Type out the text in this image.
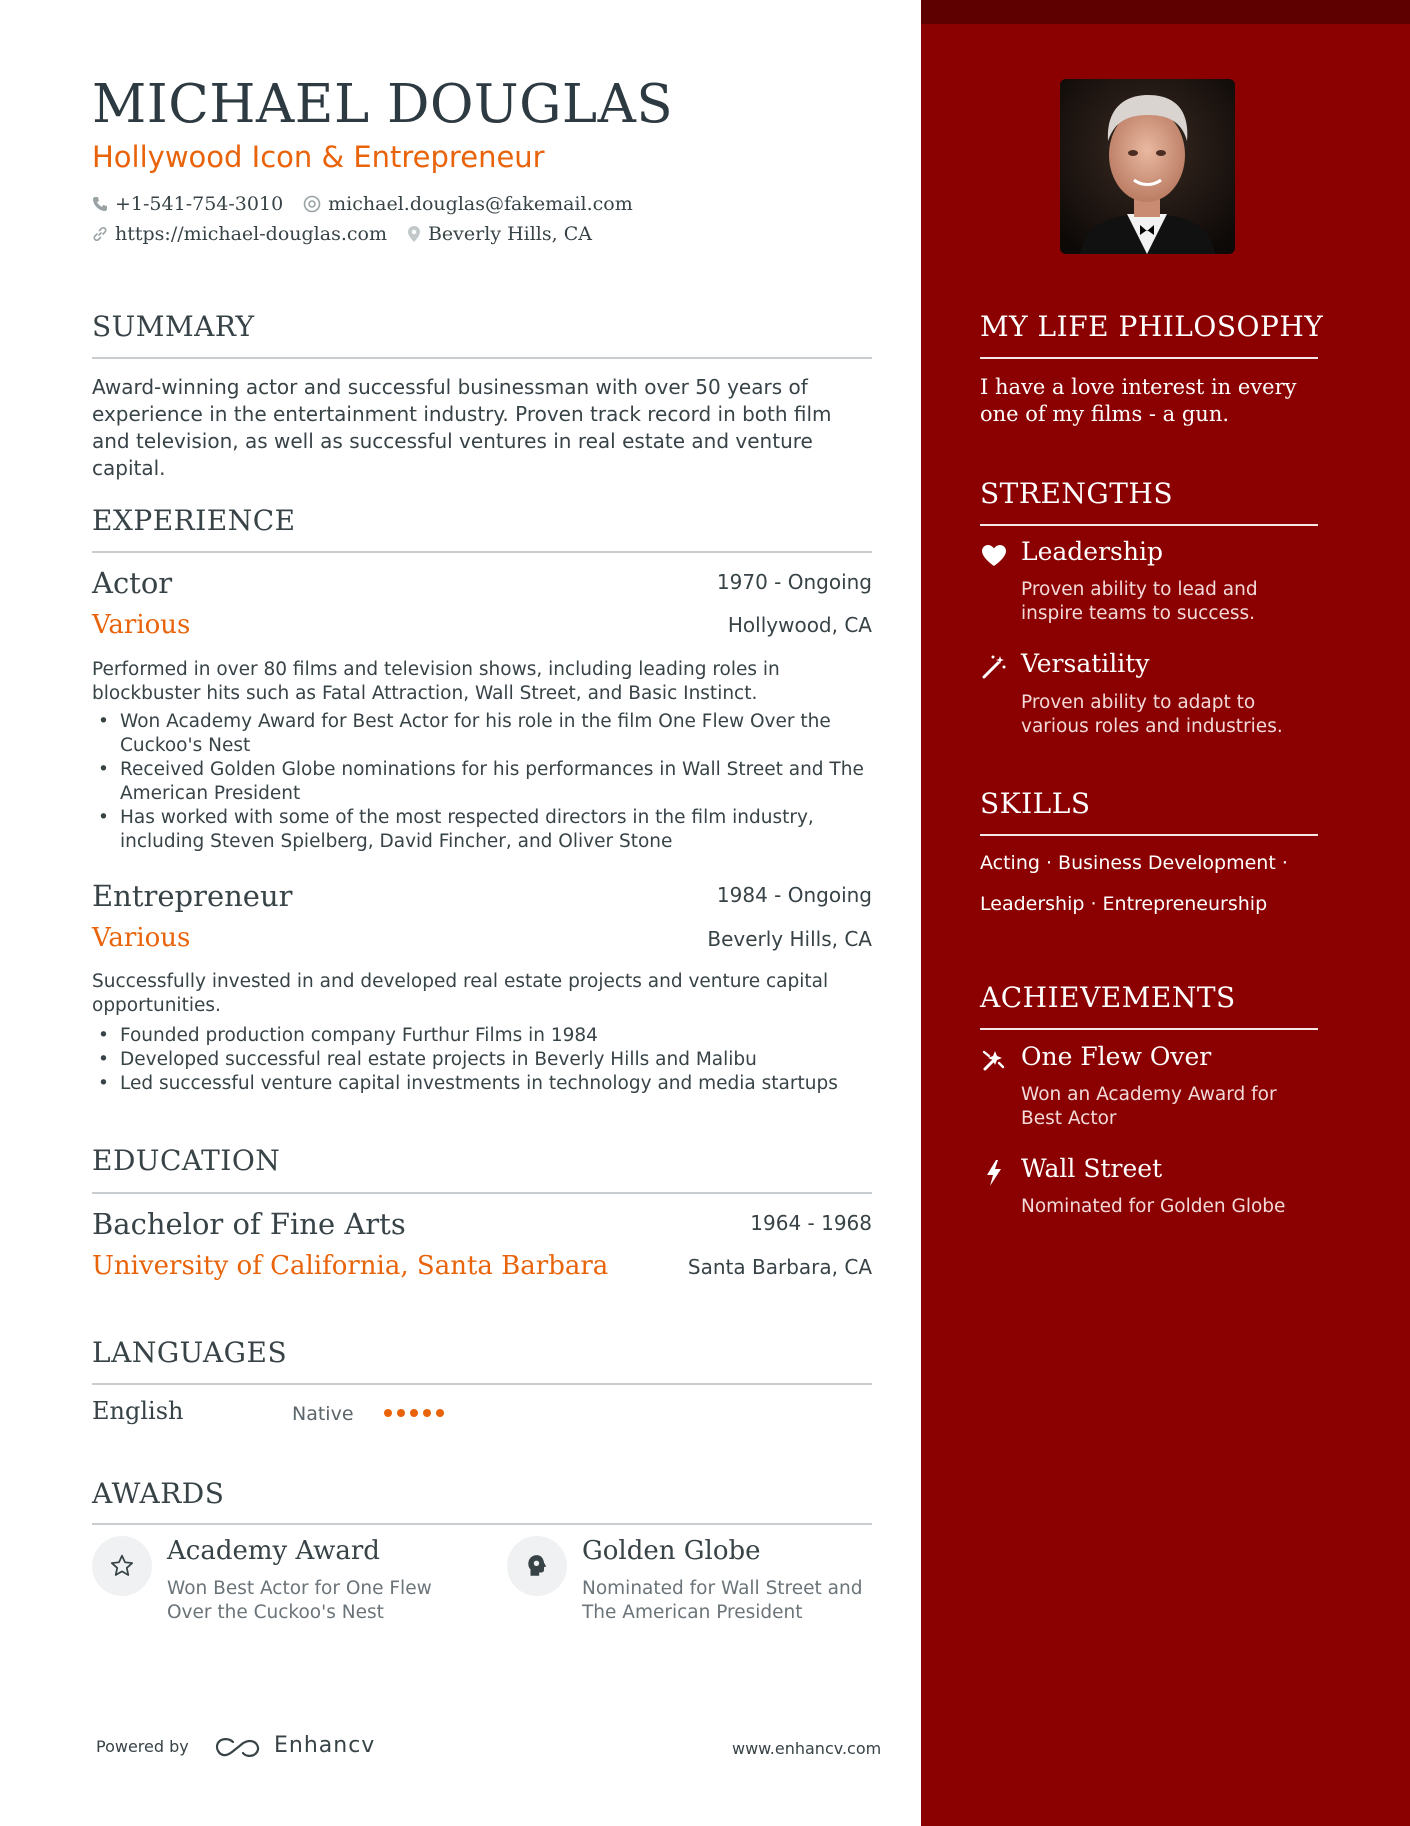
MICHAEL DOUGLAS
Hollywood Icon & Entrepreneur
+1-541-754-3010 michael.douglas@fakemail.com
https://michael-douglas.com Beverly Hills, CA
SUMMARY
Award-winning actor and successful businessman with over 50 years of experience in the entertainment industry. Proven track record in both film and television, as well as successful ventures in real estate and venture capital.
EXPERIENCE
Actor	1970 - Ongoing
Various	Hollywood, CA
Performed in over 80 films and television shows, including leading roles in blockbuster hits such as Fatal Attraction, Wall Street, and Basic Instinct.
• Won Academy Award for Best Actor for his role in the film One Flew Over the Cuckoo's Nest
• Received Golden Globe nominations for his performances in Wall Street and The American President
• Has worked with some of the most respected directors in the film industry, including Steven Spielberg, David Fincher, and Oliver Stone
Entrepreneur	1984 - Ongoing
Various	Beverly Hills, CA
Successfully invested in and developed real estate projects and venture capital opportunities.
• Founded production company Furthur Films in 1984
• Developed successful real estate projects in Beverly Hills and Malibu
• Led successful venture capital investments in technology and media startups
EDUCATION
Bachelor of Fine Arts	1964 - 1968
University of California, Santa Barbara	Santa Barbara, CA
LANGUAGES
English	Native
AWARDS
Academy Award
Won Best Actor for One Flew Over the Cuckoo's Nest
Golden Globe
Nominated for Wall Street and The American President
Powered by	Enhancv	www.enhancv.com
MY LIFE PHILOSOPHY
I have a love interest in every one of my films - a gun.
STRENGTHS
Leadership
Proven ability to lead and inspire teams to success.
Versatility
Proven ability to adapt to various roles and industries.
SKILLS
Acting · Business Development ·
Leadership · Entrepreneurship
ACHIEVEMENTS
One Flew Over
Won an Academy Award for Best Actor
Wall Street
Nominated for Golden Globe
